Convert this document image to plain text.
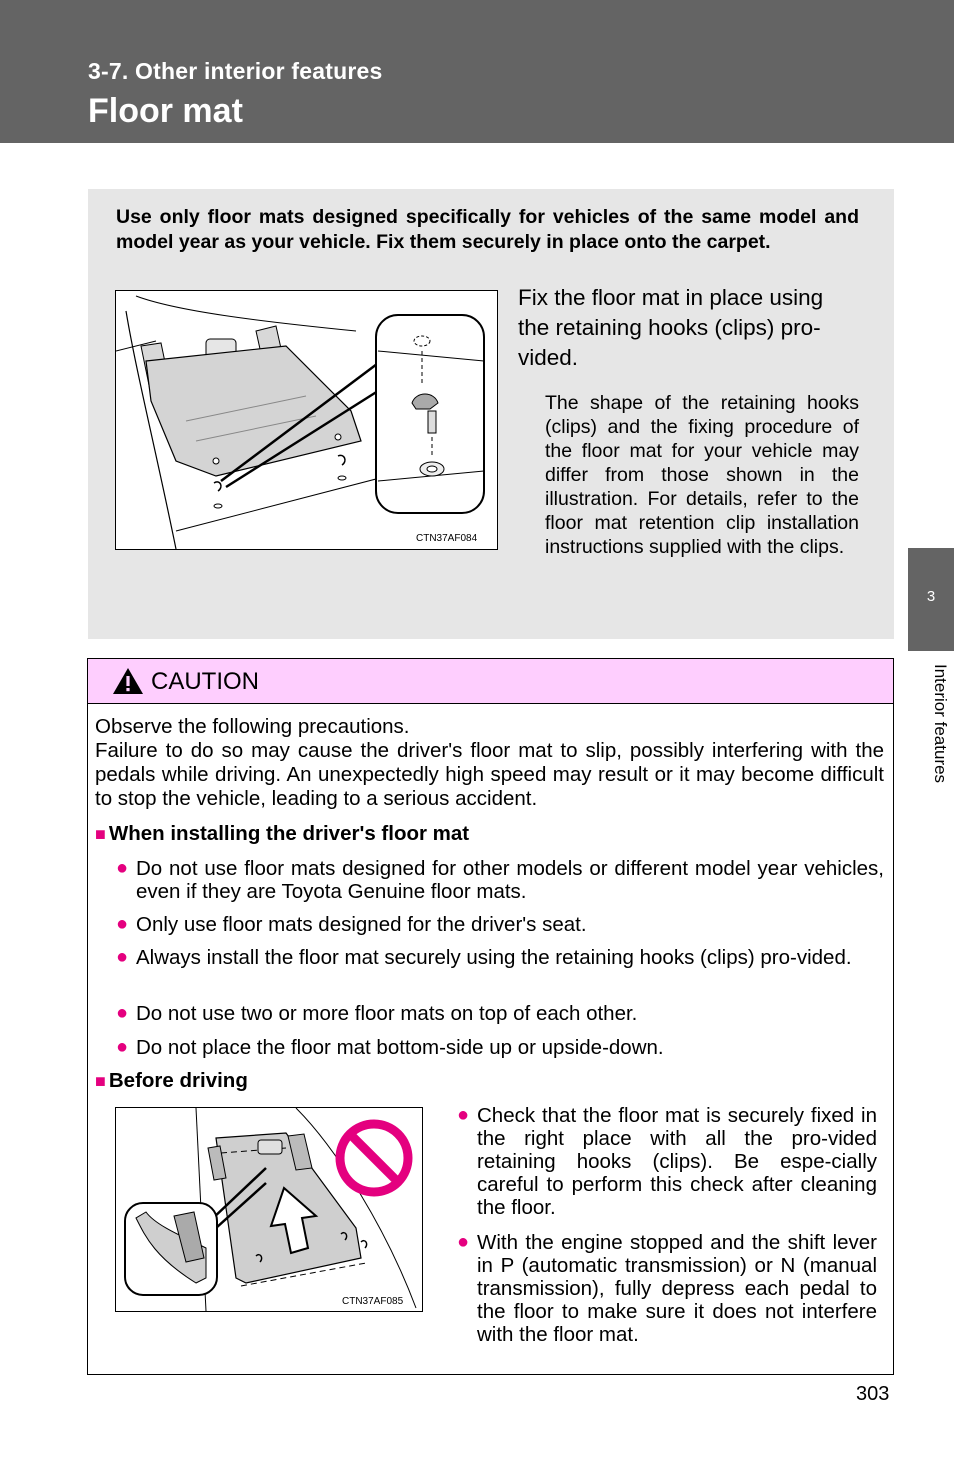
3-7. Other interior features
Floor mat
3
Interior features
Use only floor mats designed specifically for vehicles of the same model and model year as your vehicle. Fix them securely in place onto the carpet.
CTN37AF084
Fix the floor mat in place using the retaining hooks (clips) pro-vided.
The shape of the retaining hooks (clips) and the fixing procedure of the floor mat for your vehicle may differ from those shown in the illustration. For details, refer to the floor mat retention clip installation instructions supplied with the clips.
CAUTION
Observe the following precautions.
Failure to do so may cause the driver's floor mat to slip, possibly interfering with the pedals while driving. An unexpectedly high speed may result or it may become difficult to stop the vehicle, leading to a serious accident.
■ When installing the driver's floor mat
● Do not use floor mats designed for other models or different model year vehicles, even if they are Toyota Genuine floor mats.
● Only use floor mats designed for the driver's seat.
● Always install the floor mat securely using the retaining hooks (clips) pro-vided.
● Do not use two or more floor mats on top of each other.
● Do not place the floor mat bottom-side up or upside-down.
■ Before driving
CTN37AF085
● Check that the floor mat is securely fixed in the right place with all the pro-vided retaining hooks (clips). Be espe-cially careful to perform this check after cleaning the floor.
● With the engine stopped and the shift lever in P (automatic transmission) or N (manual transmission), fully depress each pedal to the floor to make sure it does not interfere with the floor mat.
303
